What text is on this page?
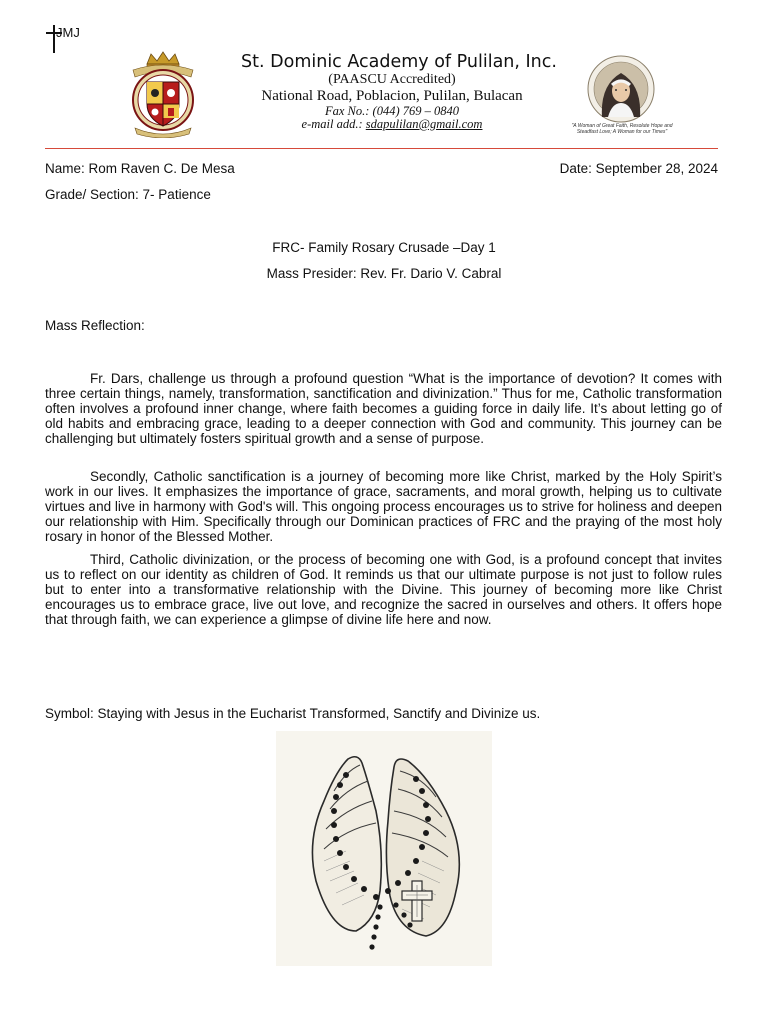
JMJ
St. Dominic Academy of Pulilan, Inc.
(PAASCU Accredited)
National Road, Poblacion, Pulilan, Bulacan
Fax No.: (044) 769 – 0840
e-mail add.: sdapulilan@gmail.com	"A Woman of Great Faith, Resolute Hope and Steadfast Love; A Woman for our Times"
Name: Rom Raven C. De Mesa	Date: September 28, 2024
Grade/ Section: 7- Patience
FRC- Family Rosary Crusade –Day 1
Mass Presider: Rev. Fr. Dario V. Cabral
Mass Reflection:

Fr. Dars, challenge us through a profound question “What is the importance of devotion? It comes with three certain things, namely, transformation, sanctification and divinization.” Thus for me, Catholic transformation often involves a profound inner change, where faith becomes a guiding force in daily life. It’s about letting go of old habits and embracing grace, leading to a deeper connection with God and community. This journey can be challenging but ultimately fosters spiritual growth and a sense of purpose.

Secondly, Catholic sanctification is a journey of becoming more like Christ, marked by the Holy Spirit’s work in our lives. It emphasizes the importance of grace, sacraments, and moral growth, helping us to cultivate virtues and live in harmony with God's will. This ongoing process encourages us to strive for holiness and deepen our relationship with Him. Specifically through our Dominican practices of FRC and the praying of the most holy rosary in honor of the Blessed Mother.

Third, Catholic divinization, or the process of becoming one with God, is a profound concept that invites us to reflect on our identity as children of God. It reminds us that our ultimate purpose is not just to follow rules but to enter into a transformative relationship with the Divine. This journey of becoming more like Christ encourages us to embrace grace, live out love, and recognize the sacred in ourselves and others. It offers hope that through faith, we can experience a glimpse of divine life here and now.

Symbol: Staying with Jesus in the Eucharist Transformed, Sanctify and Divinize us.
